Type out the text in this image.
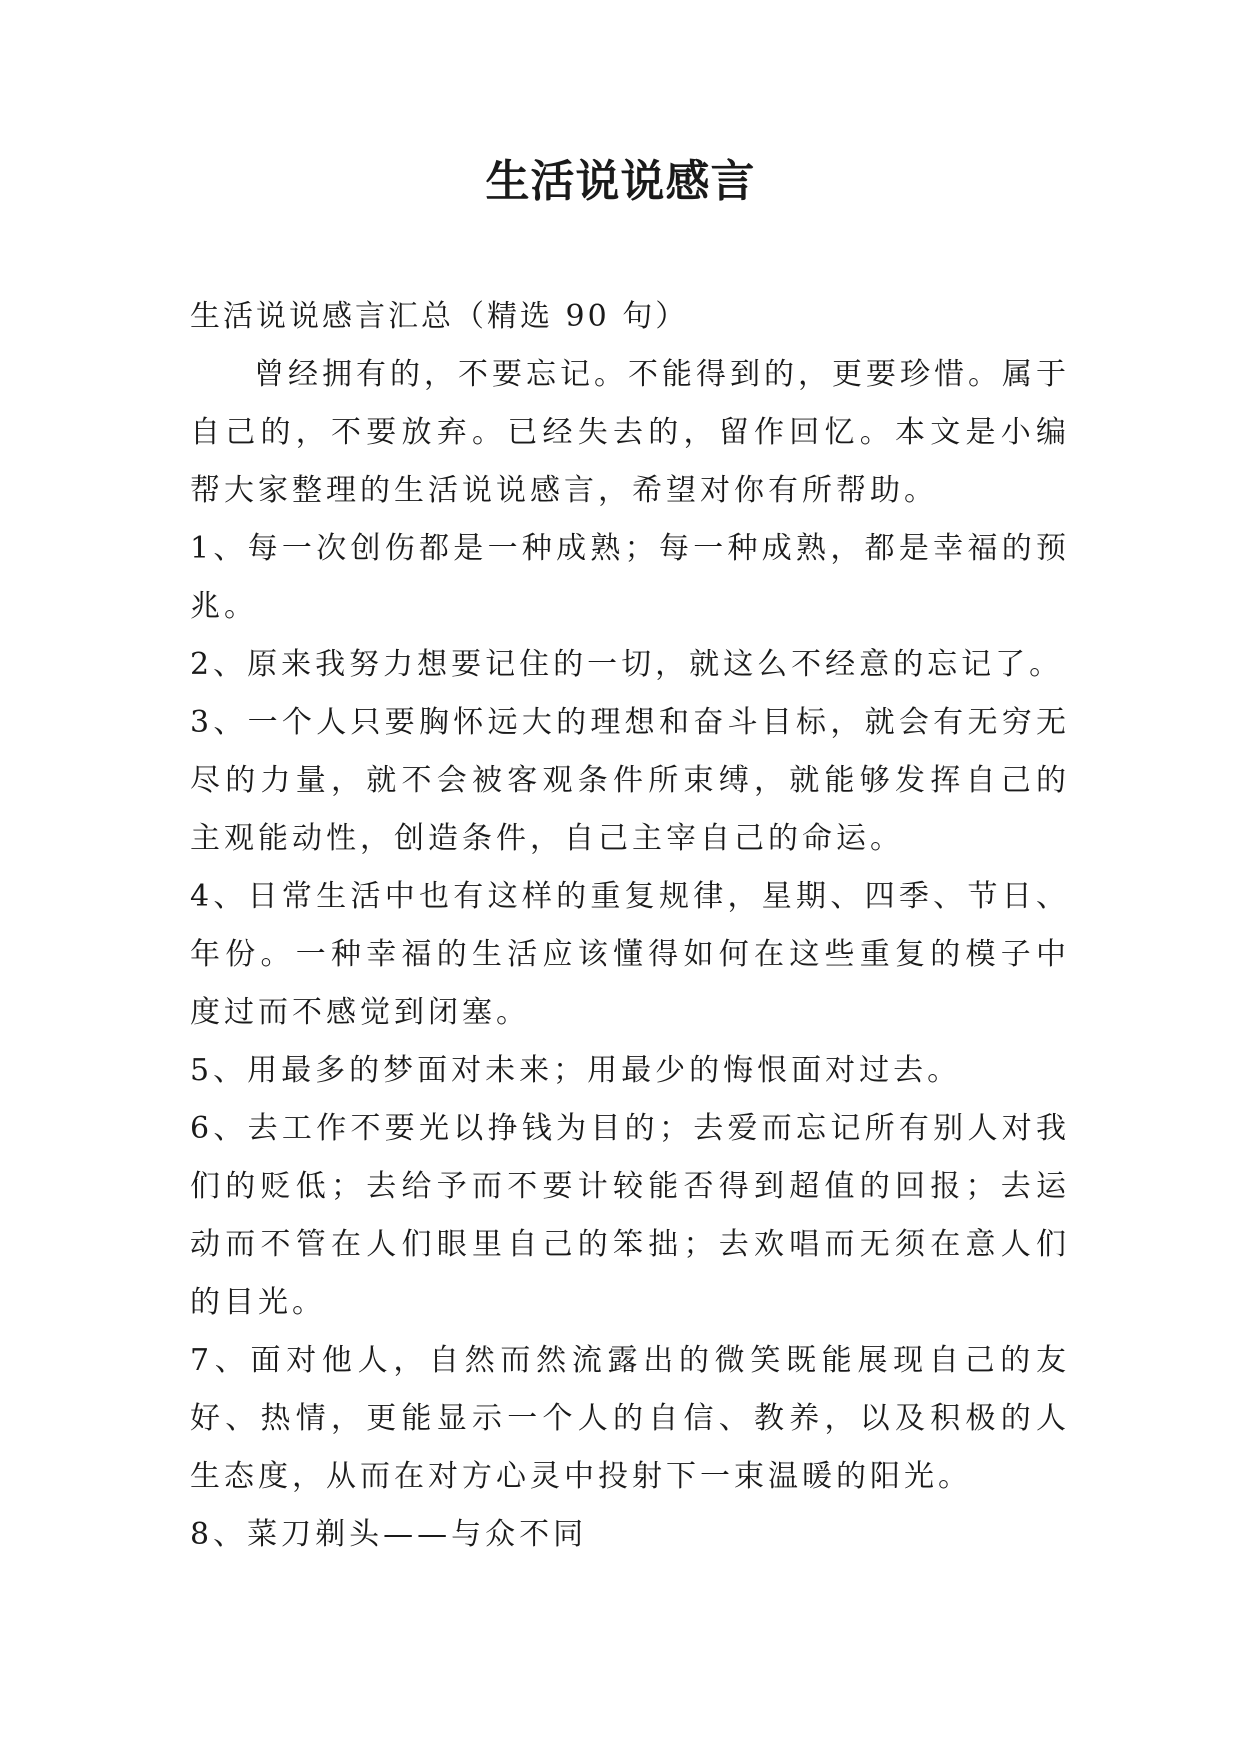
生活说说感言

生活说说感言汇总（精选 90 句）

曾经拥有的，不要忘记。不能得到的，更要珍惜。属于自己的，不要放弃。已经失去的，留作回忆。本文是小编帮大家整理的生活说说感言，希望对你有所帮助。

1、每一次创伤都是一种成熟；每一种成熟，都是幸福的预兆。

2、原来我努力想要记住的一切，就这么不经意的忘记了。

3、一个人只要胸怀远大的理想和奋斗目标，就会有无穷无尽的力量，就不会被客观条件所束缚，就能够发挥自己的主观能动性，创造条件，自己主宰自己的命运。

4、日常生活中也有这样的重复规律，星期、四季、节日、年份。一种幸福的生活应该懂得如何在这些重复的模子中度过而不感觉到闭塞。

5、用最多的梦面对未来；用最少的悔恨面对过去。

6、去工作不要光以挣钱为目的；去爱而忘记所有别人对我们的贬低；去给予而不要计较能否得到超值的回报；去运动而不管在人们眼里自己的笨拙；去欢唱而无须在意人们的目光。

7、面对他人，自然而然流露出的微笑既能展现自己的友好、热情，更能显示一个人的自信、教养，以及积极的人生态度，从而在对方心灵中投射下一束温暖的阳光。

8、菜刀剃头——与众不同
